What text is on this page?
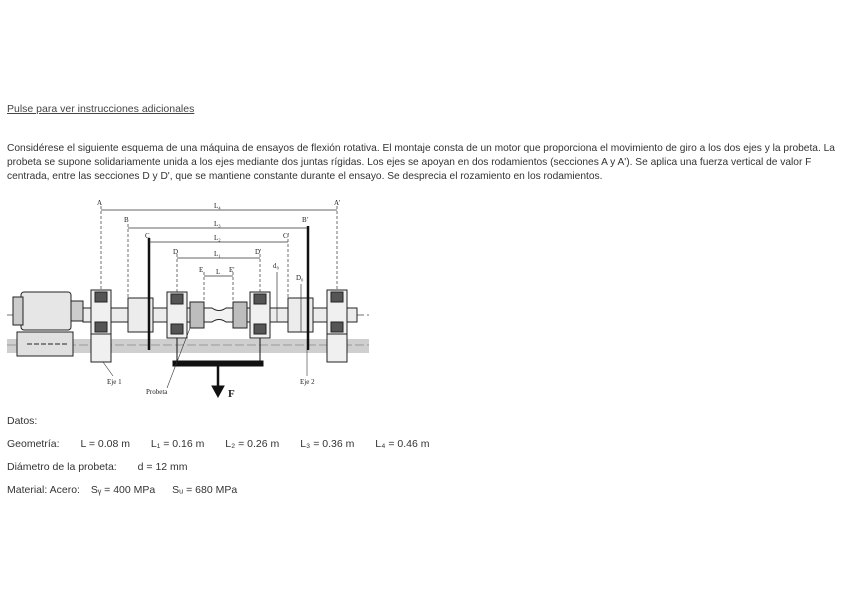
Pulse para ver instrucciones adicionales

Considérese el siguiente esquema de una máquina de ensayos de flexión rotativa. El montaje consta de un motor que proporciona el movimiento de giro a los dos ejes y la probeta. La probeta se supone solidariamente unida a los ejes mediante dos juntas rígidas. Los ejes se apoyan en dos rodamientos (secciones A y A'). Se aplica una fuerza vertical de valor F centrada, entre las secciones D y D', que se mantiene constante durante el ensayo. Se desprecia el rozamiento en los rodamientos.

A	A'
B	B'
C	C'
D	D'
E	E'
L₄
L₃
L₂
L₁
L
d₀
D₀
Eje 1	Eje 2
Probeta	F
Datos:
Geometría: L = 0.08 m L₁ = 0.16 m L₂ = 0.26 m L₃ = 0.36 m L₄ = 0.46 m
Diámetro de la probeta: d = 12 mm
Material: Acero: Sᵧ = 400 MPa Sᵤ = 680 MPa
